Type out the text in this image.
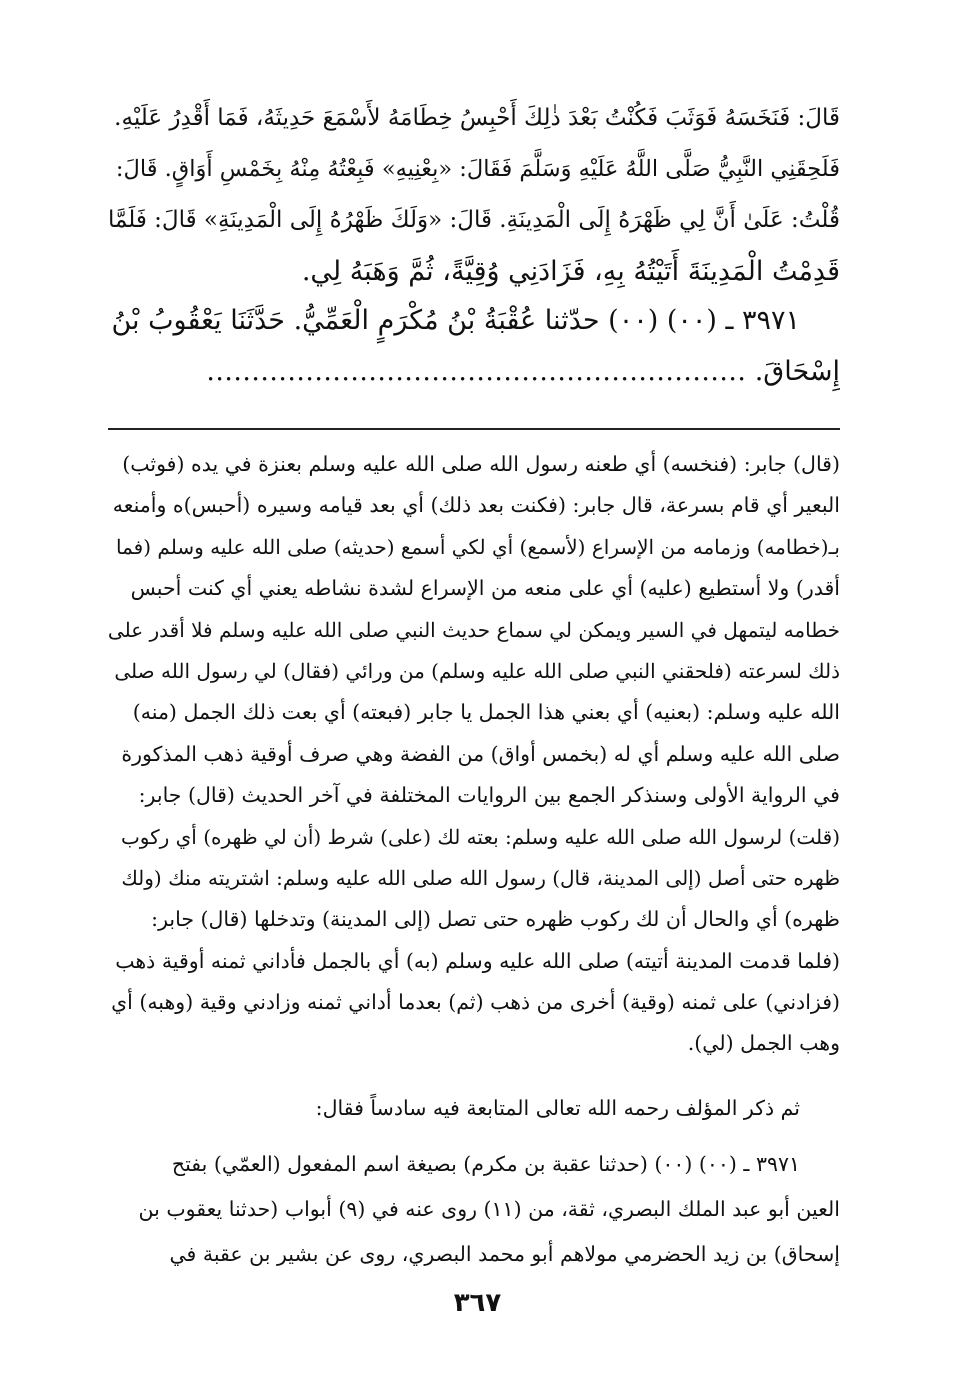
قَالَ: فَنَخَسَهُ فَوَثَبَ فَكُنْتُ بَعْدَ ذٰلِكَ أَحْبِسُ خِطَامَهُ لأَسْمَعَ حَدِيثَهُ، فَمَا أَقْدِرُ عَلَيْهِ.
فَلَحِقَنِي النَّبِيُّ صَلَّى اللَّهُ عَلَيْهِ وَسَلَّمَ فَقَالَ: «بِعْنِيهِ» فَبِعْتُهُ مِنْهُ بِخَمْسِ أَوَاقٍ. قَالَ:
قُلْتُ: عَلَىٰ أَنَّ لِي ظَهْرَهُ إِلَى الْمَدِينَةِ. قَالَ: «وَلَكَ ظَهْرُهُ إِلَى الْمَدِينَةِ» قَالَ: فَلَمَّا
قَدِمْتُ الْمَدِينَةَ أَتَيْتُهُ بِهِ، فَزَادَنِي وُقِيَّةً، ثُمَّ وَهَبَهُ لِي.
٣٩٧١ ـ (٠٠) (٠٠) حدّثنا عُقْبَةُ بْنُ مُكْرَمٍ الْعَمِّيُّ. حَدَّثَنَا يَعْقُوبُ بْنُ
إِسْحَاقَ. ……………………………………………………
(قال) جابر: (فنخسه) أي طعنه رسول الله صلى الله عليه وسلم بعنزة في يده (فوثب)
البعير أي قام بسرعة، قال جابر: (فكنت بعد ذلك) أي بعد قيامه وسيره (أحبس)ه وأمنعه
بـ(خطامه) وزمامه من الإسراع (لأسمع) أي لكي أسمع (حديثه) صلى الله عليه وسلم (فما
أقدر) ولا أستطيع (عليه) أي على منعه من الإسراع لشدة نشاطه يعني أي كنت أحبس
خطامه ليتمهل في السير ويمكن لي سماع حديث النبي صلى الله عليه وسلم فلا أقدر على
ذلك لسرعته (فلحقني النبي صلى الله عليه وسلم) من ورائي (فقال) لي رسول الله صلى
الله عليه وسلم: (بعنيه) أي بعني هذا الجمل يا جابر (فبعته) أي بعت ذلك الجمل (منه)
صلى الله عليه وسلم أي له (بخمس أواق) من الفضة وهي صرف أوقية ذهب المذكورة
في الرواية الأولى وسنذكر الجمع بين الروايات المختلفة في آخر الحديث (قال) جابر:
(قلت) لرسول الله صلى الله عليه وسلم: بعته لك (على) شرط (أن لي ظهره) أي ركوب
ظهره حتى أصل (إلى المدينة، قال) رسول الله صلى الله عليه وسلم: اشتريته منك (ولك
ظهره) أي والحال أن لك ركوب ظهره حتى تصل (إلى المدينة) وتدخلها (قال) جابر:
(فلما قدمت المدينة أتيته) صلى الله عليه وسلم (به) أي بالجمل فأداني ثمنه أوقية ذهب
(فزادني) على ثمنه (وقية) أخرى من ذهب (ثم) بعدما أداني ثمنه وزادني وقية (وهبه) أي
وهب الجمل (لي).
ثم ذكر المؤلف رحمه الله تعالى المتابعة فيه سادساً فقال:
٣٩٧١ ـ (٠٠) (٠٠) (حدثنا عقبة بن مكرم) بصيغة اسم المفعول (العمّي) بفتح
العين أبو عبد الملك البصري، ثقة، من (١١) روى عنه في (٩) أبواب (حدثنا يعقوب بن
إسحاق) بن زيد الحضرمي مولاهم أبو محمد البصري، روى عن بشير بن عقبة في
٣٦٧
